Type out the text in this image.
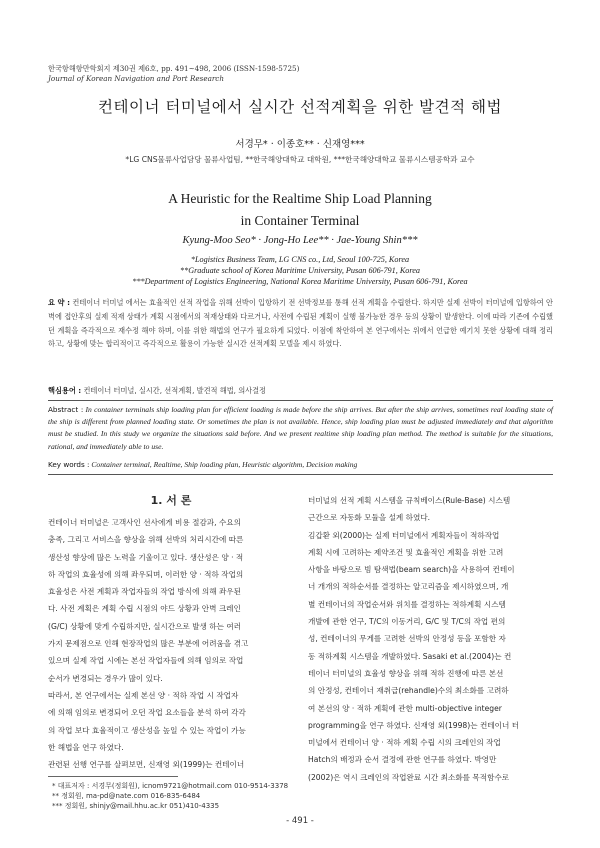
한국항해항만학회지 제30권 제6호, pp. 491~498, 2006 (ISSN-1598-5725)
Journal of Korean Navigation and Port Research
컨테이너 터미널에서 실시간 선적계획을 위한 발견적 해법
서경무* · 이종호** · 신재영***
*LG CNS물류사업담당 물류사업팀, **한국해양대학교 대학원, ***한국해양대학교 물류시스템공학과 교수
A Heuristic for the Realtime Ship Load Planning
in Container Terminal
Kyung-Moo Seo* · Jong-Ho Lee** · Jae-Young Shin***
*Logistics Business Team, LG CNS co., Ltd, Seoul 100-725, Korea
**Graduate school of Korea Maritime University, Pusan 606-791, Korea
***Department of Logistics Engineering, National Korea Maritime University, Pusan 606-791, Korea
요 약 : 컨테이너 터미널 에서는 효율적인 선적 작업을 위해 선박이 입항하기 전 선박정보를 통해 선적 계획을 수립한다. 하지만 실제 선박이 터미널에 입항하여 안벽에 접안후의 실제 적재 상태가 계획 시점에서의 적재상태와 다르거나, 사전에 수립된 계획이 실행 불가능한 경우 등의 상황이 발생한다. 이에 따라 기존에 수립했던 계획을 즉각적으로 재수정 해야 하며, 이를 위한 해법의 연구가 필요하게 되었다. 이점에 착안하여 본 연구에서는 위에서 언급한 예기치 못한 상황에 대해 정리하고, 상황에 맞는 합리적이고 즉각적으로 활용이 가능한 실시간 선적계획 모델을 제시 하였다.
핵심용어 : 컨테이너 터미널, 실시간, 선적계획, 발견적 해법, 의사결정
Abstract : In container terminals ship loading plan for efficient loading is made before the ship arrives. But after the ship arrives, sometimes real loading state of the ship is different from planned loading state. Or sometimes the plan is not available. Hence, ship loading plan must be adjusted immediately and that algorithm must be studied. In this study we organize the situations said before. And we present realtime ship loading plan method. The method is suitable for the situations, rational, and immediately able to use.
Key words : Container terminal, Realtime, Ship loading plan, Heuristic algorithm, Decision making
1. 서 론
컨테이너 터미널은 고객사인 선사에게 비용 절감과, 수요의
충족, 그리고 서비스을 향상을 위해 선박의 처리시간에 따른
생산성 향상에 많은 노력을 기울이고 있다. 생산성은 양 · 적
하 작업의 효율성에 의해 좌우되며, 이러한 양 · 적하 작업의
효율성은 사전 계획과 작업자들의 작업 방식에 의해 좌우된
다. 사전 계획은 계획 수립 시점의 야드 상황과 안벽 크레인
(G/C) 상황에 맞게 수립하지만, 실시간으로 발생 하는 여러
가지 문제점으로 인해 현장작업의 많은 부분에 어려움을 겪고
있으며 실제 작업 시에는 본선 작업자들에 의해 임의로 작업
순서가 변경되는 경우가 많이 있다.
따라서, 본 연구에서는 실제 본선 양 · 적하 작업 시 작업자
에 의해 임의로 변경되어 오던 작업 요소들을 분석 하여 각각
의 작업 보다 효율적이고 생산성을 높일 수 있는 작업이 가능
한 해법을 연구 하였다.
관련된 선행 연구를 살펴보면, 신재영 외(1999)는 컨테이너
터미널의 선적 계획 시스템을 규칙베이스(Rule-Base) 시스템
근간으로 자동화 모듈을 설계 하였다.
김갑환 외(2000)는 실제 터미널에서 계획자들이 적하작업
계획 시에 고려하는 제약조건 및 효율적인 계획을 위한 고려
사항을 바탕으로 빔 탐색법(beam search)을 사용하여 컨테이
너 개개의 적하순서를 결정하는 알고리즘을 제시하였으며, 개
별 컨테이너의 작업순서와 위치를 결정하는 적하계획 시스템
개발에 관한 연구, T/C의 이동거리, G/C 및 T/C의 작업 편의
성, 컨테이너의 무게를 고려한 선박의 안정성 등을 포함한 자
동 적하계획 시스템을 개발하였다. Sasaki et al.(2004)는 컨
테이너 터미널의 효율성 향상을 위해 적하 진행에 따른 본선
의 안정성, 컨테이너 재취급(rehandle)수의 최소화를 고려하
여 본선의 양 · 적하 계획에 관한 multi-objective integer
programming을 연구 하였다. 신재영 외(1998)는 컨테이너 터
미널에서 컨테이너 양 · 적하 계획 수립 시의 크레인의 작업
Hatch의 배정과 순서 결정에 관한 연구를 하였다. 박영만
(2002)은 역시 크레인의 작업완료 시간 최소화를 목적함수로
* 대표저자 : 서경무(정회원), icnom9721@hotmail.com 010-9514-3378
** 정회원, ma-pd@nate.com 016-835-6484
*** 정회원, shinjy@mail.hhu.ac.kr 051)410-4335
- 491 -
